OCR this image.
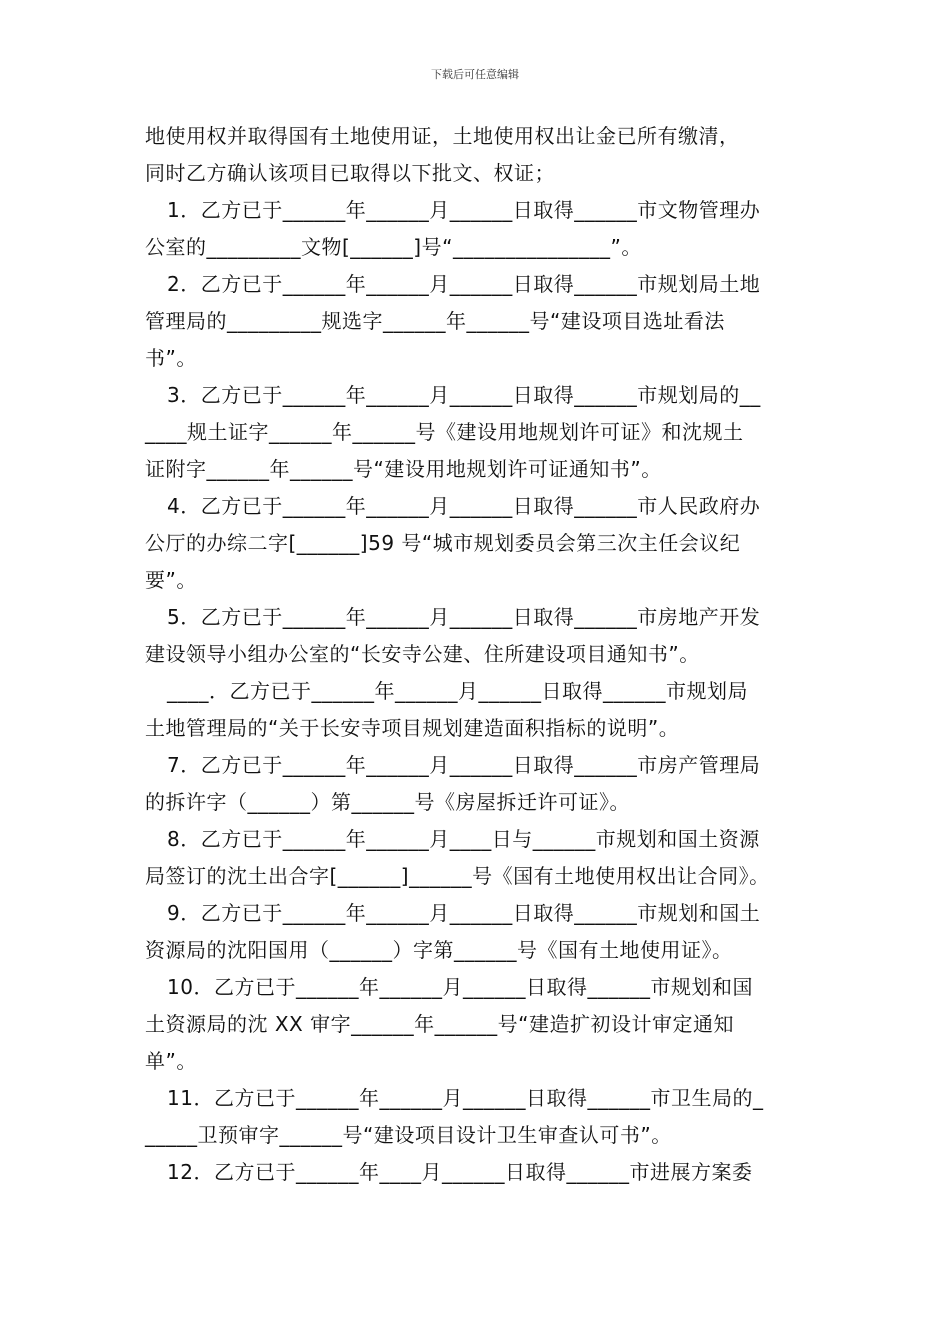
下载后可任意编辑
地使用权并取得国有土地使用证，土地使用权出让金已所有缴清，
同时乙方确认该项目已取得以下批文、权证；
1．乙方已于______年______月______日取得______市文物管理办
公室的_________文物[______]号“_______________”。
2．乙方已于______年______月______日取得______市规划局土地
管理局的_________规选字______年______号“建设项目选址看法
书”。
3．乙方已于______年______月______日取得______市规划局的__
____规土证字______年______号《建设用地规划许可证》和沈规土
证附字______年______号“建设用地规划许可证通知书”。
4．乙方已于______年______月______日取得______市人民政府办
公厅的办综二字[______]59 号“城市规划委员会第三次主任会议纪
要”。
5．乙方已于______年______月______日取得______市房地产开发
建设领导小组办公室的“长安寺公建、住所建设项目通知书”。
____．乙方已于______年______月______日取得______市规划局
土地管理局的“关于长安寺项目规划建造面积指标的说明”。
7．乙方已于______年______月______日取得______市房产管理局
的拆许字（______）第______号《房屋拆迁许可证》。
8．乙方已于______年______月____日与______市规划和国土资源
局签订的沈土出合字[______]______号《国有土地使用权出让合同》。
9．乙方已于______年______月______日取得______市规划和国土
资源局的沈阳国用（______）字第______号《国有土地使用证》。
10．乙方已于______年______月______日取得______市规划和国
土资源局的沈 XX 审字______年______号“建造扩初设计审定通知
单”。
11．乙方已于______年______月______日取得______市卫生局的_
_____卫预审字______号“建设项目设计卫生审查认可书”。
12．乙方已于______年____月______日取得______市进展方案委
